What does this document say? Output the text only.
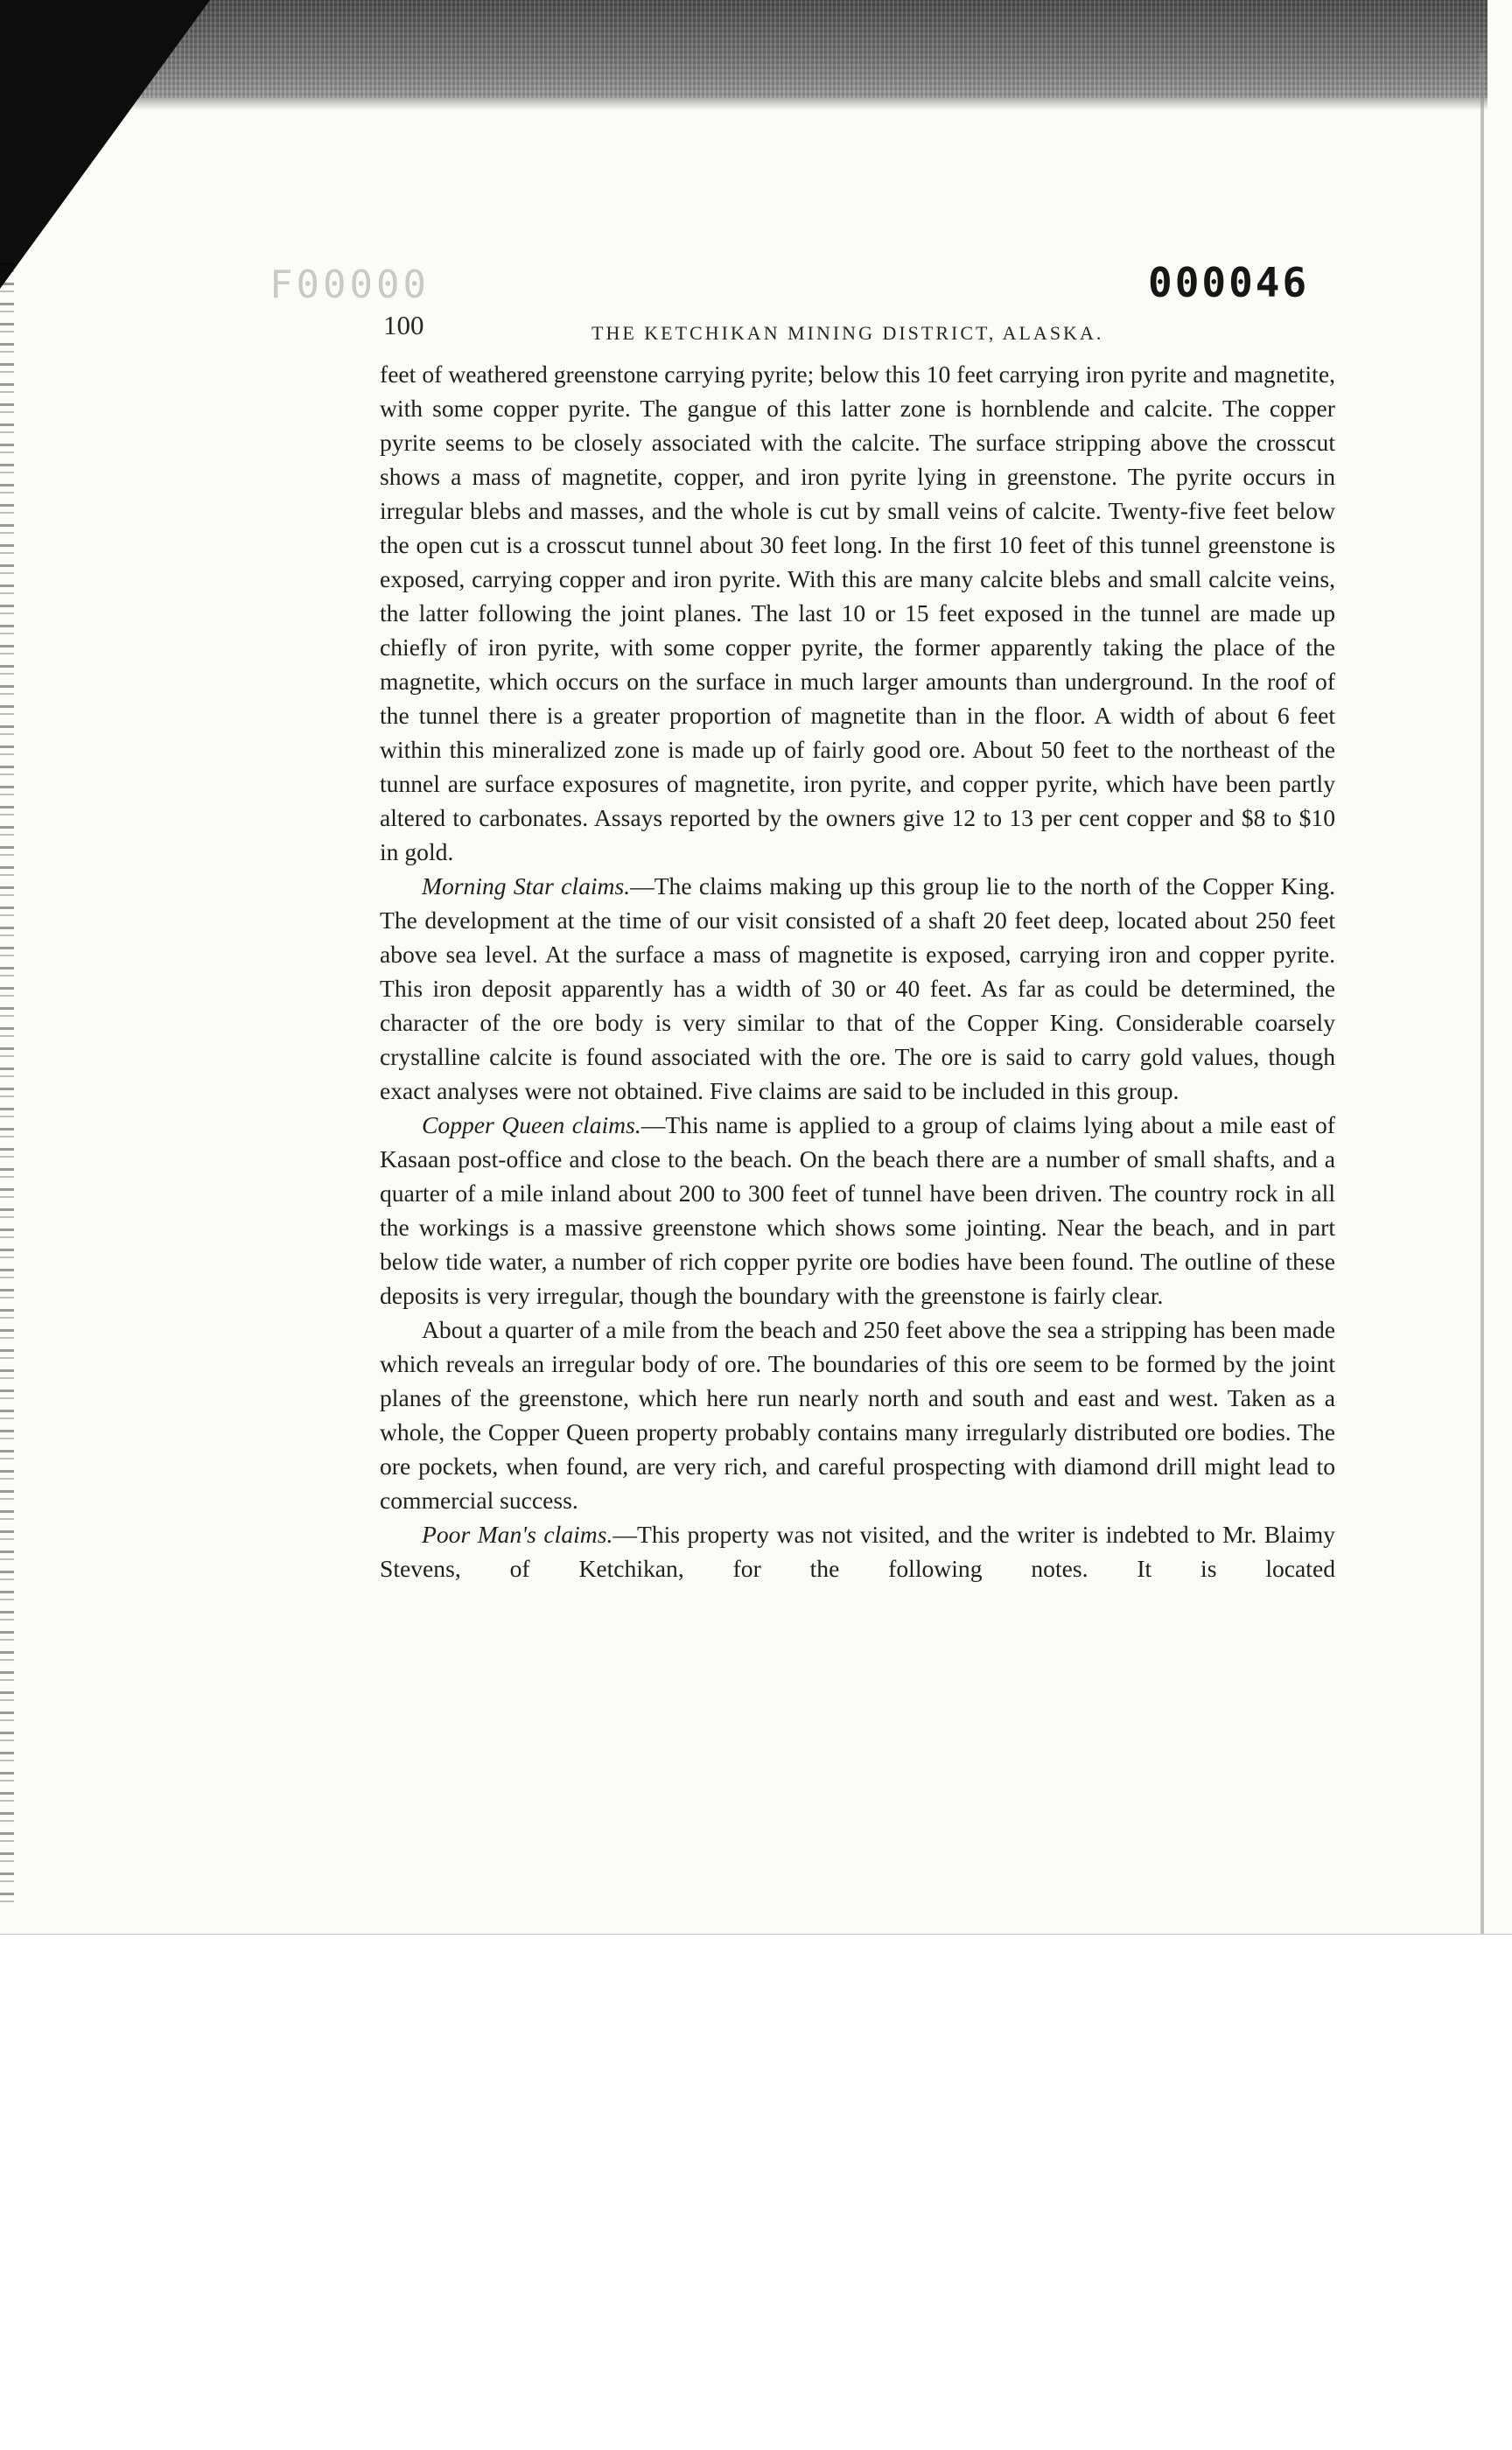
F00000	000046
100	THE KETCHIKAN MINING DISTRICT, ALASKA.

feet of weathered greenstone carrying pyrite; below this 10 feet carrying iron pyrite and magnetite, with some copper pyrite. The gangue of this latter zone is hornblende and calcite. The copper pyrite seems to be closely associated with the calcite. The surface stripping above the crosscut shows a mass of magnetite, copper, and iron pyrite lying in greenstone. The pyrite occurs in irregular blebs and masses, and the whole is cut by small veins of calcite. Twenty-five feet below the open cut is a crosscut tunnel about 30 feet long. In the first 10 feet of this tunnel greenstone is exposed, carrying copper and iron pyrite. With this are many calcite blebs and small calcite veins, the latter following the joint planes. The last 10 or 15 feet exposed in the tunnel are made up chiefly of iron pyrite, with some copper pyrite, the former apparently taking the place of the magnetite, which occurs on the surface in much larger amounts than underground. In the roof of the tunnel there is a greater proportion of magnetite than in the floor. A width of about 6 feet within this mineralized zone is made up of fairly good ore. About 50 feet to the northeast of the tunnel are surface exposures of magnetite, iron pyrite, and copper pyrite, which have been partly altered to carbonates. Assays reported by the owners give 12 to 13 per cent copper and $8 to $10 in gold.

Morning Star claims.—The claims making up this group lie to the north of the Copper King. The development at the time of our visit consisted of a shaft 20 feet deep, located about 250 feet above sea level. At the surface a mass of magnetite is exposed, carrying iron and copper pyrite. This iron deposit apparently has a width of 30 or 40 feet. As far as could be determined, the character of the ore body is very similar to that of the Copper King. Considerable coarsely crystalline calcite is found associated with the ore. The ore is said to carry gold values, though exact analyses were not obtained. Five claims are said to be included in this group.

Copper Queen claims.—This name is applied to a group of claims lying about a mile east of Kasaan post-office and close to the beach. On the beach there are a number of small shafts, and a quarter of a mile inland about 200 to 300 feet of tunnel have been driven. The country rock in all the workings is a massive greenstone which shows some jointing. Near the beach, and in part below tide water, a number of rich copper pyrite ore bodies have been found. The outline of these deposits is very irregular, though the boundary with the greenstone is fairly clear.

About a quarter of a mile from the beach and 250 feet above the sea a stripping has been made which reveals an irregular body of ore. The boundaries of this ore seem to be formed by the joint planes of the greenstone, which here run nearly north and south and east and west. Taken as a whole, the Copper Queen property probably contains many irregularly distributed ore bodies. The ore pockets, when found, are very rich, and careful prospecting with diamond drill might lead to commercial success.

Poor Man's claims.—This property was not visited, and the writer is indebted to Mr. Blaimy Stevens, of Ketchikan, for the following notes. It is located
